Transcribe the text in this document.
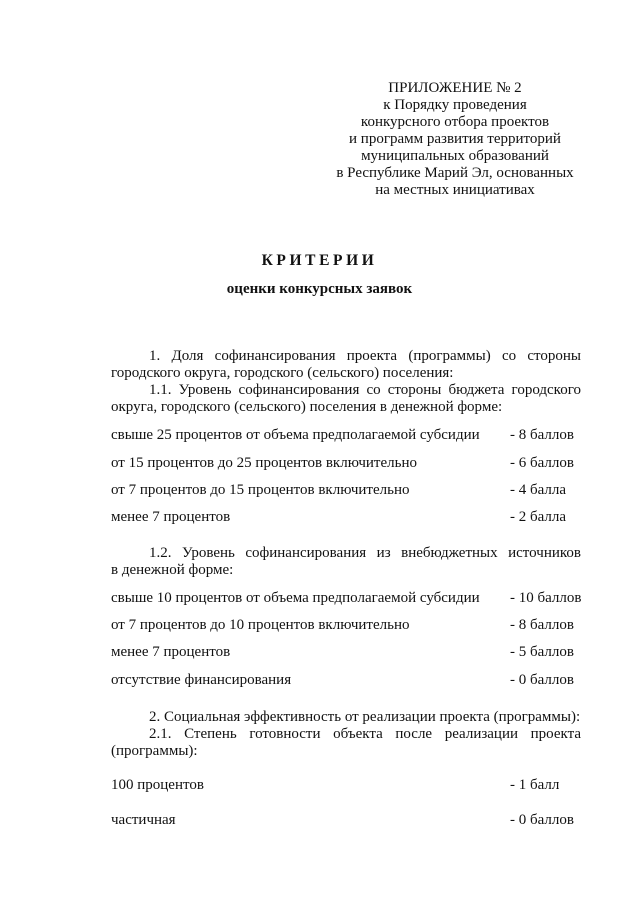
ПРИЛОЖЕНИЕ № 2
к Порядку проведения
конкурсного отбора проектов
и программ развития территорий
муниципальных образований
в Республике Марий Эл, основанных
на местных инициативах
КРИТЕРИИ
оценки конкурсных заявок
1. Доля софинансирования проекта (программы) со стороны
городского округа, городского (сельского) поселения:
1.1. Уровень софинансирования со стороны бюджета городского
округа, городского (сельского) поселения в денежной форме:
свыше 25 процентов от объема предполагаемой субсидии - 8 баллов
от 15 процентов до 25 процентов включительно	- 6 баллов
от 7 процентов до 15 процентов включительно	- 4 балла
менее 7 процентов	- 2 балла
1.2. Уровень софинансирования из внебюджетных источников
в денежной форме:
свыше 10 процентов от объема предполагаемой субсидии - 10 баллов
от 7 процентов до 10 процентов включительно	- 8 баллов
менее 7 процентов	- 5 баллов
отсутствие финансирования	- 0 баллов
2. Социальная эффективность от реализации проекта (программы):
2.1. Степень готовности объекта после реализации проекта
(программы):
100 процентов	- 1 балл
частичная	- 0 баллов
